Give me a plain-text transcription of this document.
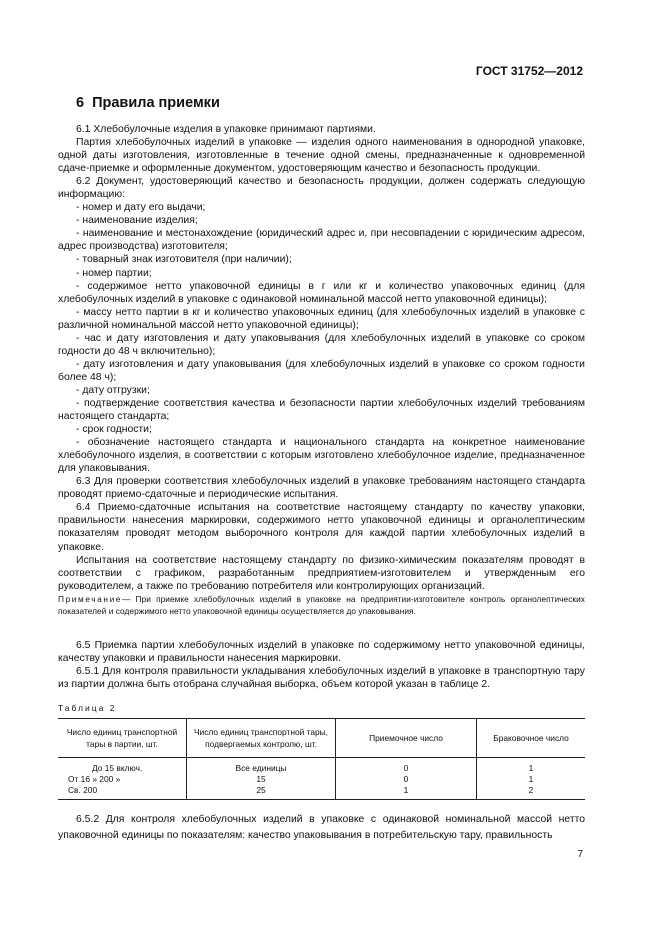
ГОСТ 31752—2012
6 Правила приемки

6.1 Хлебобулочные изделия в упаковке принимают партиями.

Партия хлебобулочных изделий в упаковке — изделия одного наименования в однородной упаковке, одной даты изготовления, изготовленные в течение одной смены, предназначенные к одновременной сдаче-приемке и оформленные документом, удостоверяющим качество и безопасность продукции.

6.2 Документ, удостоверяющий качество и безопасность продукции, должен содержать следующую информацию:

- номер и дату его выдачи;

- наименование изделия;

- наименование и местонахождение (юридический адрес и, при несовпадении с юридическим адресом, адрес производства) изготовителя;

- товарный знак изготовителя (при наличии);

- номер партии;

- содержимое нетто упаковочной единицы в г или кг и количество упаковочных единиц (для хлебобулочных изделий в упаковке с одинаковой номинальной массой нетто упаковочной единицы);

- массу нетто партии в кг и количество упаковочных единиц (для хлебобулочных изделий в упаковке с различной номинальной массой нетто упаковочной единицы);

- час и дату изготовления и дату упаковывания (для хлебобулочных изделий в упаковке со сроком годности до 48 ч включительно);

- дату изготовления и дату упаковывания (для хлебобулочных изделий в упаковке со сроком годности более 48 ч);

- дату отгрузки;

- подтверждение соответствия качества и безопасности партии хлебобулочных изделий требованиям настоящего стандарта;

- срок годности;

- обозначение настоящего стандарта и национального стандарта на конкретное наименование хлебобулочного изделия, в соответствии с которым изготовлено хлебобулочное изделие, предназначенное для упаковывания.

6.3 Для проверки соответствия хлебобулочных изделий в упаковке требованиям настоящего стандарта проводят приемо-сдаточные и периодические испытания.

6.4 Приемо-сдаточные испытания на соответствие настоящему стандарту по качеству упаковки, правильности нанесения маркировки, содержимого нетто упаковочной единицы и органолептическим показателям проводят методом выборочного контроля для каждой партии хлебобулочных изделий в упаковке.

Испытания на соответствие настоящему стандарту по физико-химическим показателям проводят в соответствии с графиком, разработанным предприятием-изготовителем и утвержденным его руководителем, а также по требованию потребителя или контролирующих организаций.

Примечание— При приемке хлебобулочных изделий в упаковке на предприятии-изготовителе контроль органолептических показателей и содержимого нетто упаковочной единицы осуществляется до упаковывания.

6.5 Приемка партии хлебобулочных изделий в упаковке по содержимому нетто упаковочной единицы, качеству упаковки и правильности нанесения маркировки.

6.5.1 Для контроля правильности укладывания хлебобулочных изделий в упаковке в транспортную тару из партии должна быть отобрана случайная выборка, объем которой указан в таблице 2.

Таблица 2
Число единиц транспортной тары в партии, шт.	Число единиц транспортной тары, подвергаемых контролю, шт.	Приемочное число	Браковочное число
До 15 включ.	Все единицы	0	1
От 16 » 200 »	15	0	1
Св. 200	25	1	2

6.5.2 Для контроля хлебобулочных изделий в упаковке с одинаковой номинальной массой нетто упаковочной единицы по показателям: качество упаковывания в потребительскую тару, правильность

7
